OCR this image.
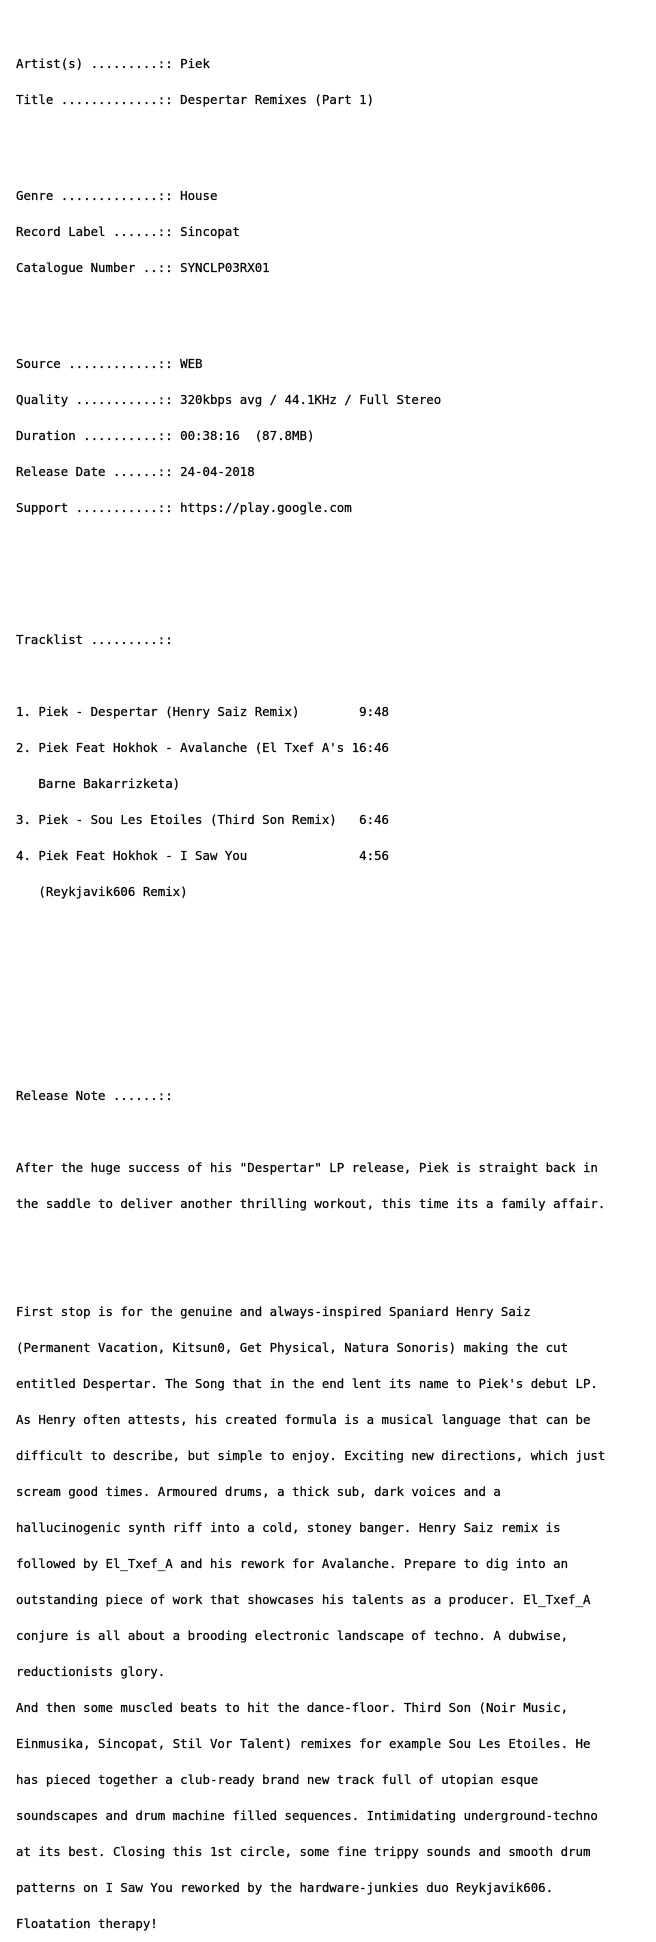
Artist(s) .........:: Piek

Title .............:: Despertar Remixes (Part 1)

Genre .............:: House

Record Label ......:: Sincopat

Catalogue Number ..:: SYNCLP03RX01

Source ............:: WEB

Quality ...........:: 320kbps avg / 44.1KHz / Full Stereo

Duration ..........:: 00:38:16  (87.8MB)

Release Date ......:: 24-04-2018

Support ...........:: https://play.google.com

Tracklist .........::

1. Piek - Despertar (Henry Saiz Remix)        9:48

2. Piek Feat Hokhok - Avalanche (El Txef A's 16:46

Barne Bakarrizketa)

3. Piek - Sou Les Etoiles (Third Son Remix)   6:46

4. Piek Feat Hokhok - I Saw You               4:56

(Reykjavik606 Remix)

Release Note ......::

After the huge success of his "Despertar" LP release, Piek is straight back in

the saddle to deliver another thrilling workout, this time its a family affair.

First stop is for the genuine and always-inspired Spaniard Henry Saiz

(Permanent Vacation, Kitsun0, Get Physical, Natura Sonoris) making the cut

entitled Despertar. The Song that in the end lent its name to Piek's debut LP.

As Henry often attests, his created formula is a musical language that can be

difficult to describe, but simple to enjoy. Exciting new directions, which just

scream good times. Armoured drums, a thick sub, dark voices and a

hallucinogenic synth riff into a cold, stoney banger. Henry Saiz remix is

followed by El_Txef_A and his rework for Avalanche. Prepare to dig into an

outstanding piece of work that showcases his talents as a producer. El_Txef_A

conjure is all about a brooding electronic landscape of techno. A dubwise,

reductionists glory.

And then some muscled beats to hit the dance-floor. Third Son (Noir Music,

Einmusika, Sincopat, Stil Vor Talent) remixes for example Sou Les Etoiles. He

has pieced together a club-ready brand new track full of utopian esque

soundscapes and drum machine filled sequences. Intimidating underground-techno

at its best. Closing this 1st circle, some fine trippy sounds and smooth drum

patterns on I Saw You reworked by the hardware-junkies duo Reykjavik606.

Floatation therapy!
